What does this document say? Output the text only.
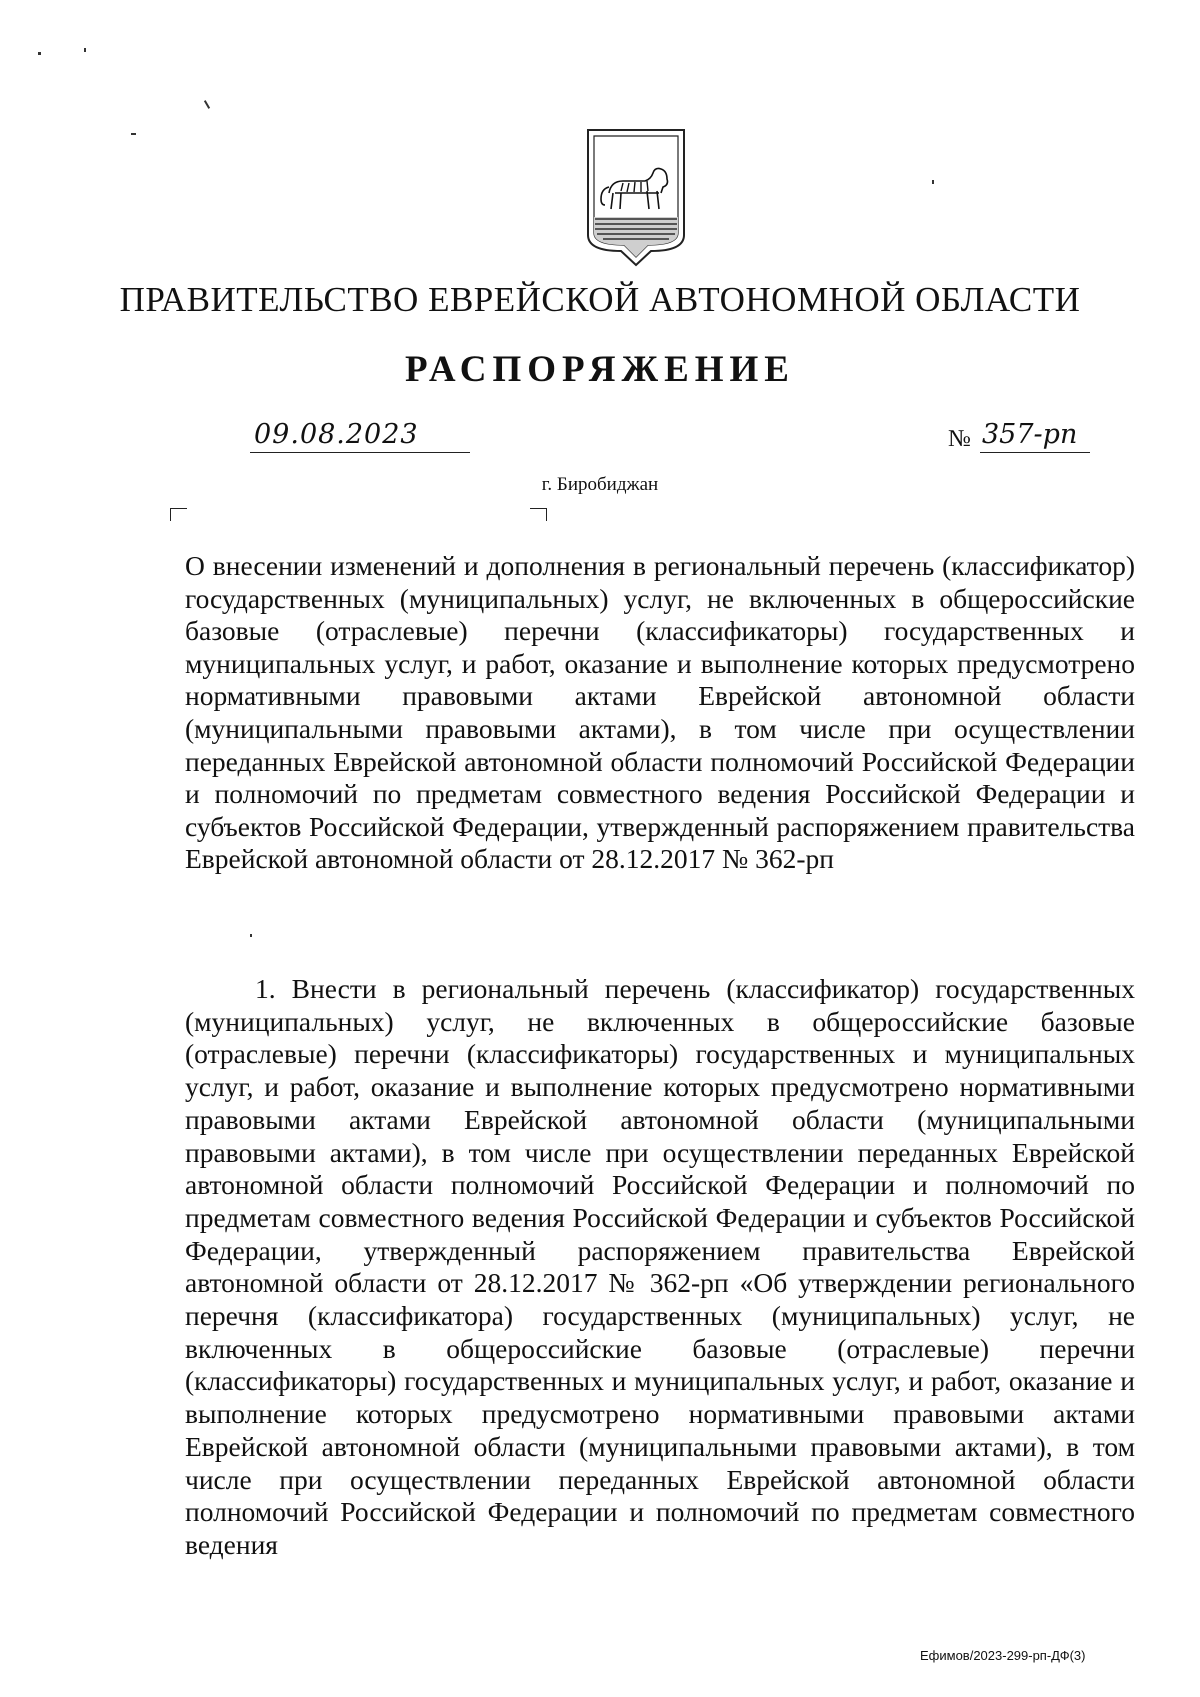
ПРАВИТЕЛЬСТВО ЕВРЕЙСКОЙ АВТОНОМНОЙ ОБЛАСТИ
РАСПОРЯЖЕНИЕ
09.08.2023	№ 357-рп
г. Биробиджан
О внесении изменений и дополнения в региональный перечень (классификатор) государственных (муниципальных) услуг, не включенных в общероссийские базовые (отраслевые) перечни (классификаторы) государственных и муниципальных услуг, и работ, оказание и выполнение которых предусмотрено нормативными правовыми актами Еврейской автономной области (муниципальными правовыми актами), в том числе при осуществлении переданных Еврейской автономной области полномочий Российской Федерации и полномочий по предметам совместного ведения Российской Федерации и субъектов Российской Федерации, утвержденный распоряжением правительства Еврейской автономной области от 28.12.2017 № 362-рп
1. Внести в региональный перечень (классификатор) государственных (муниципальных) услуг, не включенных в общероссийские базовые (отраслевые) перечни (классификаторы) государственных и муниципальных услуг, и работ, оказание и выполнение которых предусмотрено нормативными правовыми актами Еврейской автономной области (муниципальными правовыми актами), в том числе при осуществлении переданных Еврейской автономной области полномочий Российской Федерации и полномочий по предметам совместного ведения Российской Федерации и субъектов Российской Федерации, утвержденный распоряжением правительства Еврейской автономной области от 28.12.2017 № 362-рп «Об утверждении регионального перечня (классификатора) государственных (муниципальных) услуг, не включенных в общероссийские базовые (отраслевые) перечни (классификаторы) государственных и муниципальных услуг, и работ, оказание и выполнение которых предусмотрено нормативными правовыми актами Еврейской автономной области (муниципальными правовыми актами), в том числе при осуществлении переданных Еврейской автономной области полномочий Российской Федерации и полномочий по предметам совместного ведения
Ефимов/2023-299-рп-ДФ(3)
